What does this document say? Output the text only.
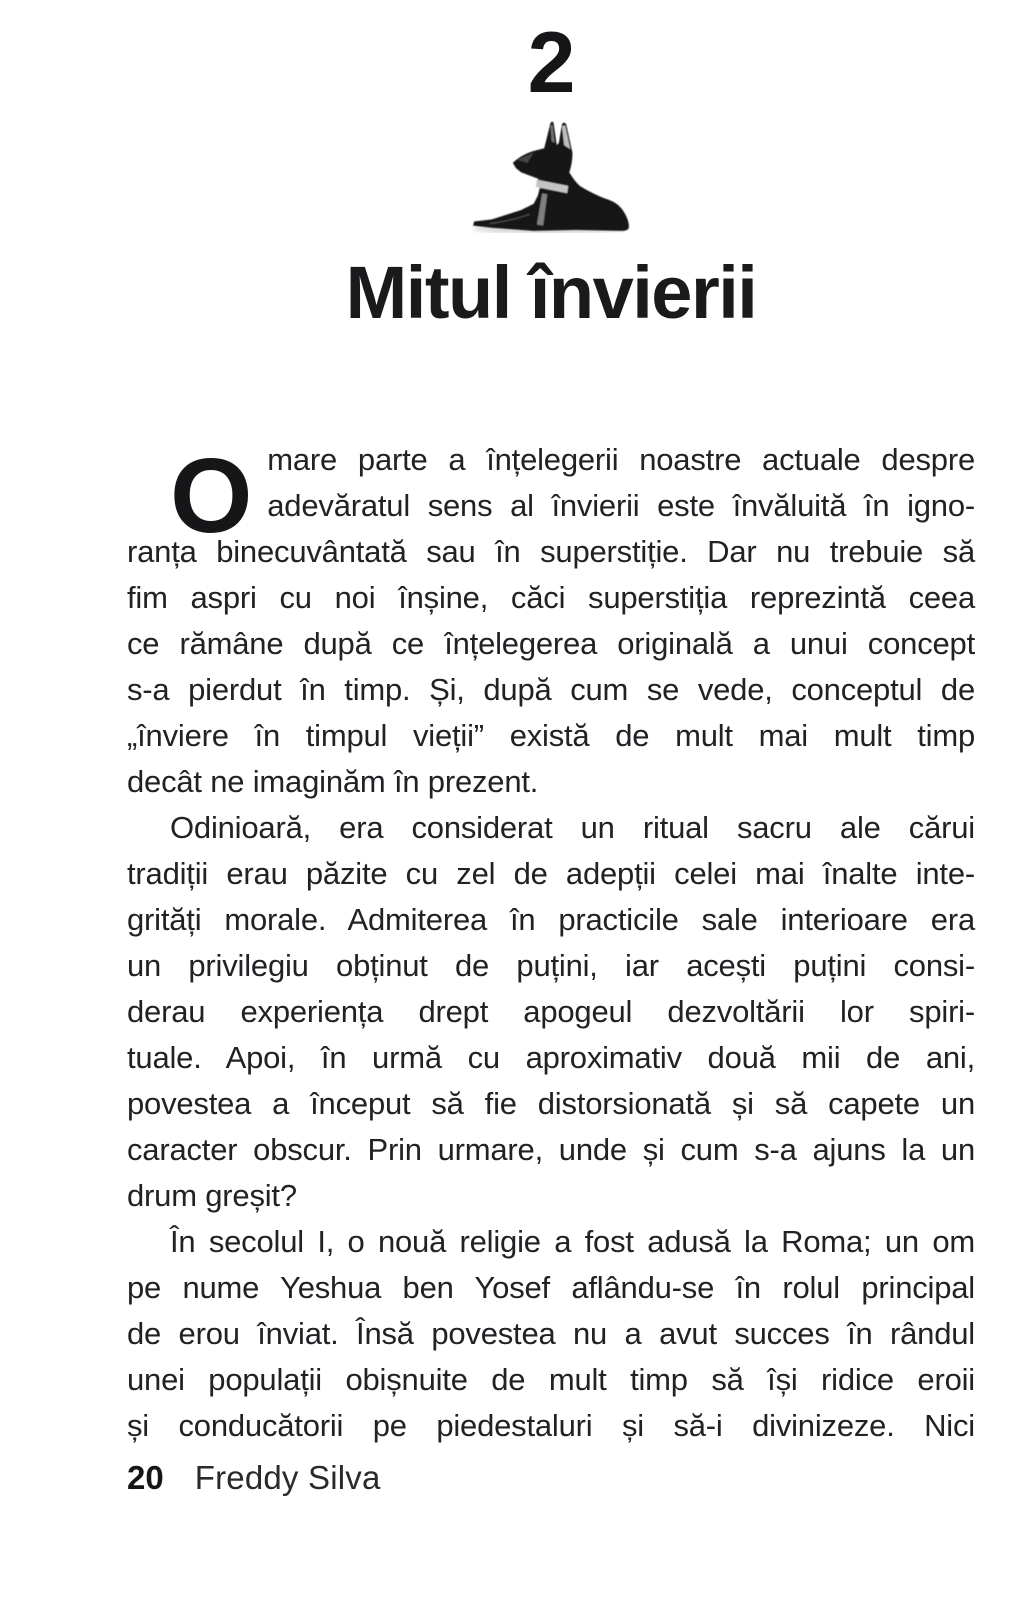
2
Mitul învierii
O mare parte a înțelegerii noastre actuale despre
adevăratul sens al învierii este învăluită în igno-
ranța binecuvântată sau în superstiție. Dar nu trebuie să
fim aspri cu noi înșine, căci superstiția reprezintă ceea
ce rămâne după ce înțelegerea originală a unui concept
s-a pierdut în timp. Și, după cum se vede, conceptul de
„înviere în timpul vieții” există de mult mai mult timp
decât ne imaginăm în prezent.
Odinioară, era considerat un ritual sacru ale cărui
tradiții erau păzite cu zel de adepții celei mai înalte inte-
grități morale. Admiterea în practicile sale interioare era
un privilegiu obținut de puțini, iar acești puțini consi-
derau experiența drept apogeul dezvoltării lor spiri-
tuale. Apoi, în urmă cu aproximativ două mii de ani,
povestea a început să fie distorsionată și să capete un
caracter obscur. Prin urmare, unde și cum s-a ajuns la un
drum greșit?
În secolul I, o nouă religie a fost adusă la Roma; un om
pe nume Yeshua ben Yosef aflându-se în rolul principal
de erou înviat. Însă povestea nu a avut succes în rândul
unei populații obișnuite de mult timp să își ridice eroii
și conducătorii pe piedestaluri și să-i divinizeze. Nici
20 Freddy Silva
